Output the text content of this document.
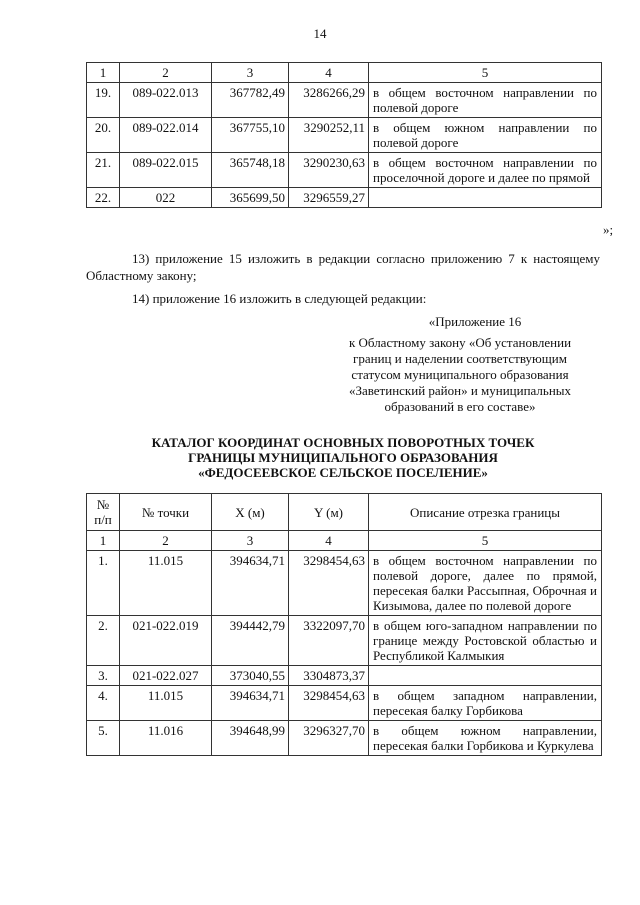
14
1	2	3	4	5
19.	089-022.013	367782,49	3286266,29	в общем восточном направлении по полевой дороге
20.	089-022.014	367755,10	3290252,11	в общем южном направлении по полевой дороге
21.	089-022.015	365748,18	3290230,63	в общем восточном направлении по проселочной дороге и далее по прямой
22.	022	365699,50	3296559,27	
»;
13) приложение 15 изложить в редакции согласно приложению 7 к настоящему Областному закону;
14) приложение 16 изложить в следующей редакции:
«Приложение 16
к Областному закону «Об установлении
границ и наделении соответствующим
статусом муниципального образования
«Заветинский район» и муниципальных
образований в его составе»
КАТАЛОГ КООРДИНАТ ОСНОВНЫХ ПОВОРОТНЫХ ТОЧЕК
ГРАНИЦЫ МУНИЦИПАЛЬНОГО ОБРАЗОВАНИЯ
«ФЕДОСЕЕВСКОЕ СЕЛЬСКОЕ ПОСЕЛЕНИЕ»
№
п/п	№ точки	X (м)	Y (м)	Описание отрезка границы
1	2	3	4	5
1.	11.015	394634,71	3298454,63	в общем восточном направлении по полевой дороге, далее по прямой, пересекая балки Рассыпная, Оброчная и Кизымова, далее по полевой дороге
2.	021-022.019	394442,79	3322097,70	в общем юго-западном направлении по границе между Ростовской областью и Республикой Калмыкия
3.	021-022.027	373040,55	3304873,37	
4.	11.015	394634,71	3298454,63	в общем западном направлении, пересекая балку Горбикова
5.	11.016	394648,99	3296327,70	в общем южном направлении, пересекая балки Горбикова и Куркулева
